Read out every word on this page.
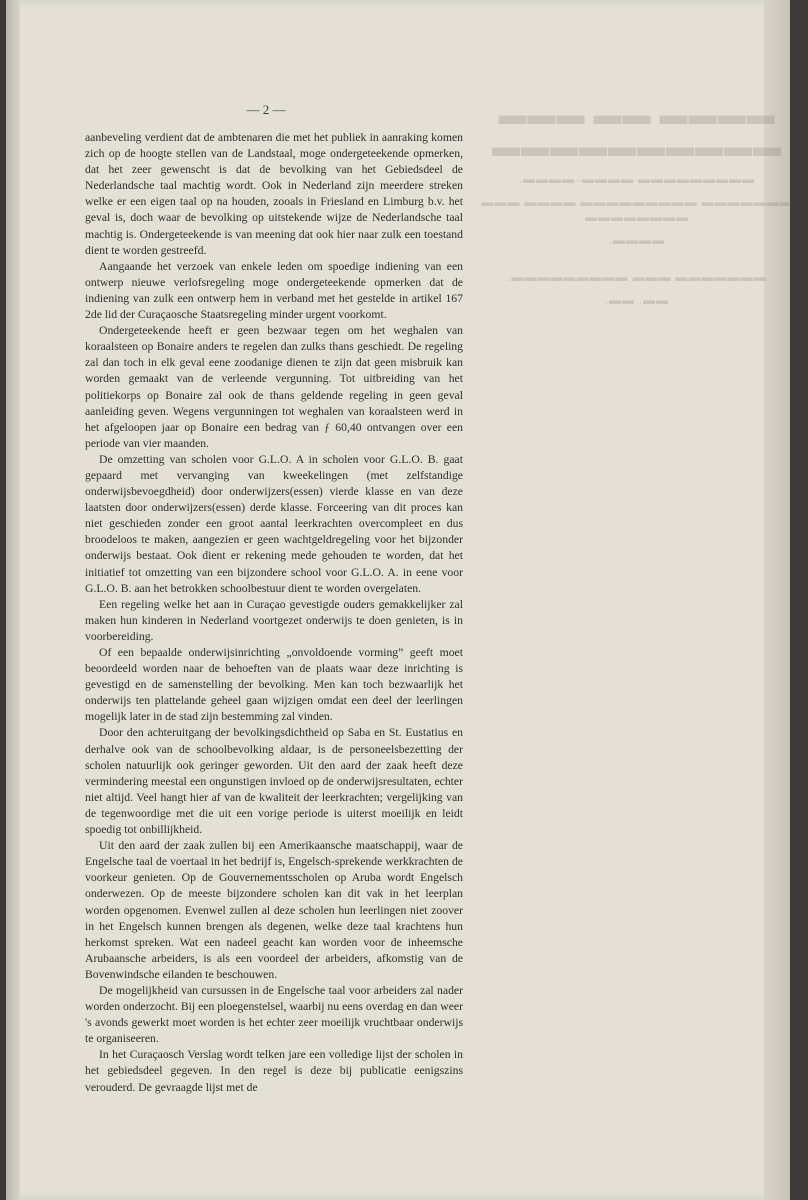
▬▬▬▬ ▬▬ ▬▬▬ ▬▬▬▬▬▬▬▬▬▬
▬▬▬▬▬▬▬▬▬ ▬▬▬▬–▬▬▬▬.
▬▬▬▬▬▬▬ ▬▬▬▬▬▬▬▬▬ ▬▬▬▬ ▬▬▬ ▬▬▬▬▬▬▬▬
▬▬▬▬.
▬▬▬▬▬▬▬ ▬▬▬ ▬▬▬▬▬▬▬▬▬.
▬▬. ▬▬.
— 2 —

aanbeveling verdient dat de ambtenaren die met het publiek in aanraking komen zich op de hoogte stellen van de Landstaal, moge ondergeteekende opmerken, dat het zeer gewenscht is dat de bevolking van het Gebiedsdeel de Nederlandsche taal machtig wordt. Ook in Nederland zijn meerdere streken welke er een eigen taal op na houden, zooals in Friesland en Limburg b.v. het geval is, doch waar de bevolking op uitstekende wijze de Nederlandsche taal machtig is. Ondergeteekende is van meening dat ook hier naar zulk een toestand dient te worden gestreefd.

Aangaande het verzoek van enkele leden om spoedige indiening van een ontwerp nieuwe verlofsregeling moge ondergeteekende opmerken dat de indiening van zulk een ontwerp hem in verband met het gestelde in artikel 167 2de lid der Curaçaosche Staatsregeling minder urgent voorkomt.

Ondergeteekende heeft er geen bezwaar tegen om het weghalen van koraalsteen op Bonaire anders te regelen dan zulks thans geschiedt. De regeling zal dan toch in elk geval eene zoodanige dienen te zijn dat geen misbruik kan worden gemaakt van de verleende vergunning. Tot uitbreiding van het politiekorps op Bonaire zal ook de thans geldende regeling in geen geval aanleiding geven. Wegens vergunningen tot weghalen van koraalsteen werd in het afgeloopen jaar op Bonaire een bedrag van ƒ 60,40 ontvangen over een periode van vier maanden.

De omzetting van scholen voor G.L.O. A in scholen voor G.L.O. B. gaat gepaard met vervanging van kweekelingen (met zelfstandige onderwijsbevoegdheid) door onderwijzers(essen) vierde klasse en van deze laatsten door onderwijzers(essen) derde klasse. Forceering van dit proces kan niet geschieden zonder een groot aantal leerkrachten overcompleet en dus broodeloos te maken, aangezien er geen wachtgeldregeling voor het bijzonder onderwijs bestaat. Ook dient er rekening mede gehouden te worden, dat het initiatief tot omzetting van een bijzondere school voor G.L.O. A. in eene voor G.L.O. B. aan het betrokken schoolbestuur dient te worden overgelaten.

Een regeling welke het aan in Curaçao gevestigde ouders gemakkelijker zal maken hun kinderen in Nederland voortgezet onderwijs te doen genieten, is in voorbereiding.

Of een bepaalde onderwijsinrichting „onvoldoende vorming” geeft moet beoordeeld worden naar de behoeften van de plaats waar deze inrichting is gevestigd en de samenstelling der bevolking. Men kan toch bezwaarlijk het onderwijs ten plattelande geheel gaan wijzigen omdat een deel der leerlingen mogelijk later in de stad zijn bestemming zal vinden.

Door den achteruitgang der bevolkingsdichtheid op Saba en St. Eustatius en derhalve ook van de schoolbevolking aldaar, is de personeelsbezetting der scholen natuurlijk ook geringer geworden. Uit den aard der zaak heeft deze vermindering meestal een ongunstigen invloed op de onderwijsresultaten, echter niet altijd. Veel hangt hier af van de kwaliteit der leerkrachten; vergelijking van de tegenwoordige met die uit een vorige periode is uiterst moeilijk en leidt spoedig tot onbillijkheid.

Uit den aard der zaak zullen bij een Amerikaansche maatschappij, waar de Engelsche taal de voertaal in het bedrijf is, Engelsch-sprekende werkkrachten de voorkeur genieten. Op de Gouvernementsscholen op Aruba wordt Engelsch onderwezen. Op de meeste bijzondere scholen kan dit vak in het leerplan worden opgenomen. Evenwel zullen al deze scholen hun leerlingen niet zoover in het Engelsch kunnen brengen als degenen, welke deze taal krachtens hun herkomst spreken. Wat een nadeel geacht kan worden voor de inheemsche Arubaansche arbeiders, is als een voordeel der arbeiders, afkomstig van de Bovenwindsche eilanden te beschouwen.

De mogelijkheid van cursussen in de Engelsche taal voor arbeiders zal nader worden onderzocht. Bij een ploegenstelsel, waarbij nu eens overdag en dan weer 's avonds gewerkt moet worden is het echter zeer moeilijk vruchtbaar onderwijs te organiseeren.

In het Curaçaosch Verslag wordt telken jare een volledige lijst der scholen in het gebiedsdeel gegeven. In den regel is deze bij publicatie eenigszins verouderd. De gevraagde lijst met de
